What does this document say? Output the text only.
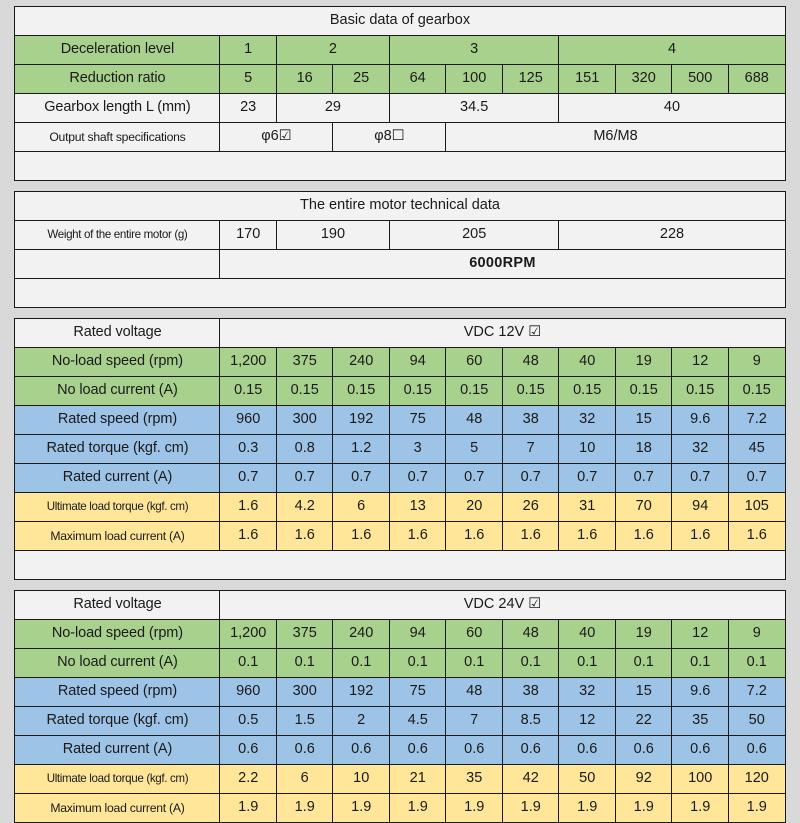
Basic data of gearbox										
Deceleration level	1	2		3			4			
Reduction ratio	5	16	25	64	100	125	151	320	500	688
Gearbox length L (mm)	23	29		34.5			40			
Output shaft specifications	φ6☑		φ8☐		M6/M8					

The entire motor technical data				
Weight of the entire motor (g)	170	190	205	228
	6000RPM			

Rated voltage	VDC 12V ☑									
No-load speed (rpm)	1,200	375	240	94	60	48	40	19	12	9
No load current (A)	0.15	0.15	0.15	0.15	0.15	0.15	0.15	0.15	0.15	0.15
Rated speed (rpm)	960	300	192	75	48	38	32	15	9.6	7.2
Rated torque (kgf. cm)	0.3	0.8	1.2	3	5	7	10	18	32	45
Rated current (A)	0.7	0.7	0.7	0.7	0.7	0.7	0.7	0.7	0.7	0.7
Ultimate load torque (kgf. cm)	1.6	4.2	6	13	20	26	31	70	94	105
Maximum load current (A)	1.6	1.6	1.6	1.6	1.6	1.6	1.6	1.6	1.6	1.6

Rated voltage	VDC 24V ☑									
No-load speed (rpm)	1,200	375	240	94	60	48	40	19	12	9
No load current (A)	0.1	0.1	0.1	0.1	0.1	0.1	0.1	0.1	0.1	0.1
Rated speed (rpm)	960	300	192	75	48	38	32	15	9.6	7.2
Rated torque (kgf. cm)	0.5	1.5	2	4.5	7	8.5	12	22	35	50
Rated current (A)	0.6	0.6	0.6	0.6	0.6	0.6	0.6	0.6	0.6	0.6
Ultimate load torque (kgf. cm)	2.2	6	10	21	35	42	50	92	100	120
Maximum load current (A)	1.9	1.9	1.9	1.9	1.9	1.9	1.9	1.9	1.9	1.9
